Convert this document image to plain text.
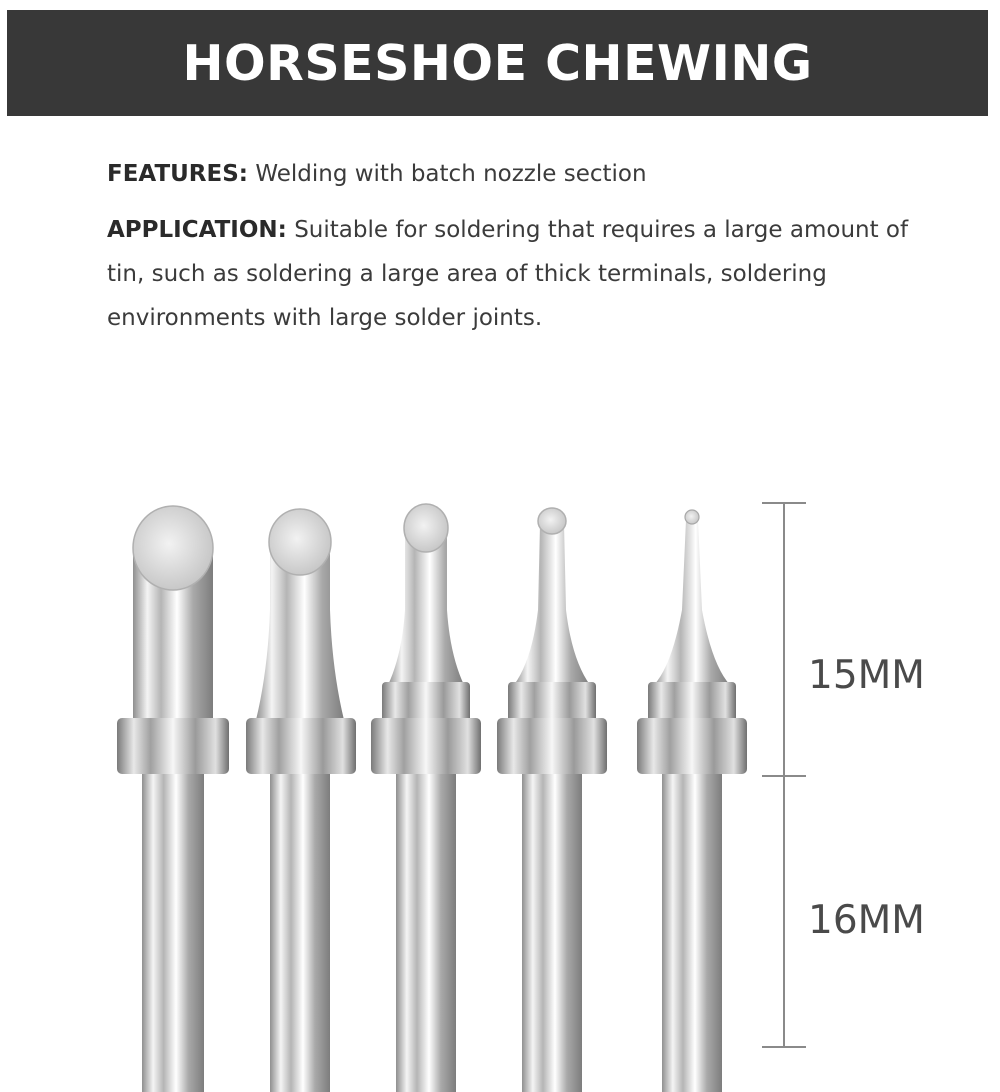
HORSESHOE CHEWING

FEATURES: Welding with batch nozzle section

APPLICATION: Suitable for soldering that requires a large amount of tin, such as soldering a large area of thick terminals, soldering environments with large solder joints.

15MM
16MM
